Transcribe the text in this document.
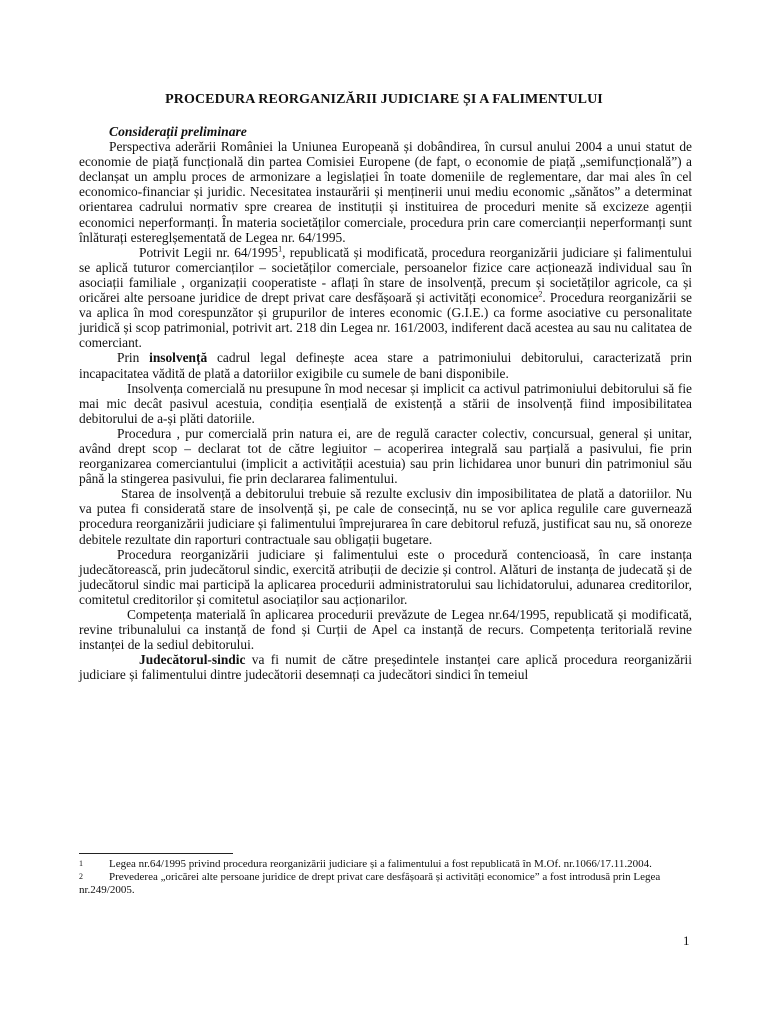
PROCEDURA REORGANIZĂRII JUDICIARE ȘI A FALIMENTULUI

Considerații preliminare

Perspectiva aderării României la Uniunea Europeană și dobândirea, în cursul anului 2004 a unui statut de economie de piață funcțională din partea Comisiei Europene (de fapt, o economie de piață „semifuncțională”) a declanșat un amplu proces de armonizare a legislației în toate domeniile de reglementare, dar mai ales în cel economico-financiar și juridic. Necesitatea instaurării și menținerii unui mediu economic „sănătos” a determinat orientarea cadrului normativ spre crearea de instituții și instituirea de proceduri menite să excizeze agenții economici neperformanți. În materia societăților comerciale, procedura prin care comercianții neperformanți sunt înlăturați estereglșementată de Legea nr. 64/1995.

Potrivit Legii nr. 64/1995$^1$, republicată și modificată, procedura reorganizării judiciare și falimentului se aplică tuturor comercianților – societăților comerciale, persoanelor fizice care acționează individual sau în asociații familiale , organizații cooperatiste - aflați în stare de insolvență, precum și societăților agricole, ca și oricărei alte persoane juridice de drept privat care desfășoară și activități economice$^2$. Procedura reorganizării se va aplica în mod corespunzător și grupurilor de interes economic (G.I.E.) ca forme asociative cu personalitate juridică și scop patrimonial, potrivit art. 218 din Legea nr. 161/2003, indiferent dacă acestea au sau nu calitatea de comerciant.

Prin insolvență cadrul legal definește acea stare a patrimoniului debitorului, caracterizată prin incapacitatea vădită de plată a datoriilor exigibile cu sumele de bani disponibile.

Insolvența comercială nu presupune în mod necesar și implicit ca activul patrimoniului debitorului să fie mai mic decât pasivul acestuia, condiția esențială de existență a stării de insolvență fiind imposibilitatea debitorului de a-și plăti datoriile.

Procedura , pur comercială prin natura ei, are de regulă caracter colectiv, concursual, general și unitar, având drept scop – declarat tot de către legiuitor – acoperirea integrală sau parțială a pasivului, fie prin reorganizarea comerciantului (implicit a activității acestuia) sau prin lichidarea unor bunuri din patrimoniul său până la stingerea pasivului, fie prin declararea falimentului.

Starea de insolvență a debitorului trebuie să rezulte exclusiv din imposibilitatea de plată a datoriilor. Nu va putea fi considerată stare de insolvență și, pe cale de consecință, nu se vor aplica regulile care guvernează procedura reorganizării judiciare și falimentului împrejurarea în care debitorul refuză, justificat sau nu, să onoreze debitele rezultate din raporturi contractuale sau obligații bugetare.

Procedura reorganizării judiciare și falimentului este o procedură contencioasă, în care instanța judecătorească, prin judecătorul sindic, exercită atribuții de decizie și control. Alături de instanța de judecată și de judecătorul sindic mai participă la aplicarea procedurii administratorului sau lichidatorului, adunarea creditorilor, comitetul creditorilor și comitetul asociaților sau acționarilor.

Competența materială în aplicarea procedurii prevăzute de Legea nr.64/1995, republicată și modificată, revine tribunalului ca instanță de fond și Curții de Apel ca instanță de recurs. Competența teritorială revine instanței de la sediul debitorului.

Judecătorul-sindic va fi numit de către președintele instanței care aplică procedura reorganizării judiciare și falimentului dintre judecătorii desemnați ca judecători sindici în temeiul

$^1$ Legea nr.64/1995 privind procedura reorganizării judiciare și a falimentului a fost republicată în M.Of. nr.1066/17.11.2004.

$^2$ Prevederea „oricărei alte persoane juridice de drept privat care desfășoară și activități economice” a fost introdusă prin Legea nr.249/2005.

1
